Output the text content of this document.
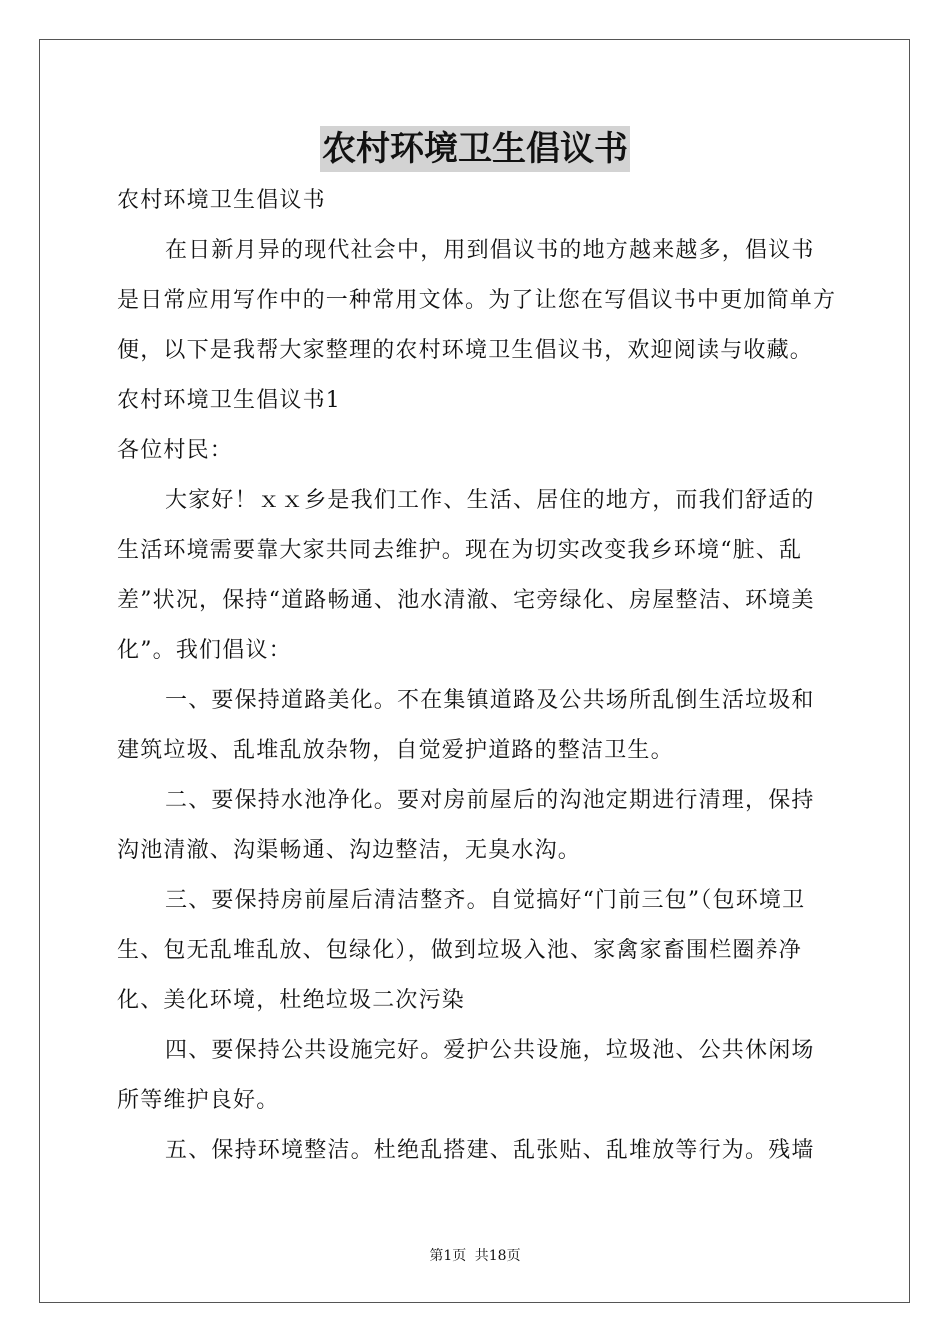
农村环境卫生倡议书

农村环境卫生倡议书

在日新月异的现代社会中，用到倡议书的地方越来越多，倡议书是日常应用写作中的一种常用文体。为了让您在写倡议书中更加简单方便，以下是我帮大家整理的农村环境卫生倡议书，欢迎阅读与收藏。

农村环境卫生倡议书1

各位村民：

大家好！ｘｘ乡是我们工作、生活、居住的地方，而我们舒适的生活环境需要靠大家共同去维护。现在为切实改变我乡环境“脏、乱差”状况，保持“道路畅通、池水清澈、宅旁绿化、房屋整洁、环境美化”。我们倡议：

一、要保持道路美化。不在集镇道路及公共场所乱倒生活垃圾和建筑垃圾、乱堆乱放杂物，自觉爱护道路的整洁卫生。

二、要保持水池净化。要对房前屋后的沟池定期进行清理，保持沟池清澈、沟渠畅通、沟边整洁，无臭水沟。

三、要保持房前屋后清洁整齐。自觉搞好“门前三包”（包环境卫生、包无乱堆乱放、包绿化），做到垃圾入池、家禽家畜围栏圈养净化、美化环境，杜绝垃圾二次污染

四、要保持公共设施完好。爱护公共设施，垃圾池、公共休闲场所等维护良好。

五、保持环境整洁。杜绝乱搭建、乱张贴、乱堆放等行为。残墙

第1页 共18页
